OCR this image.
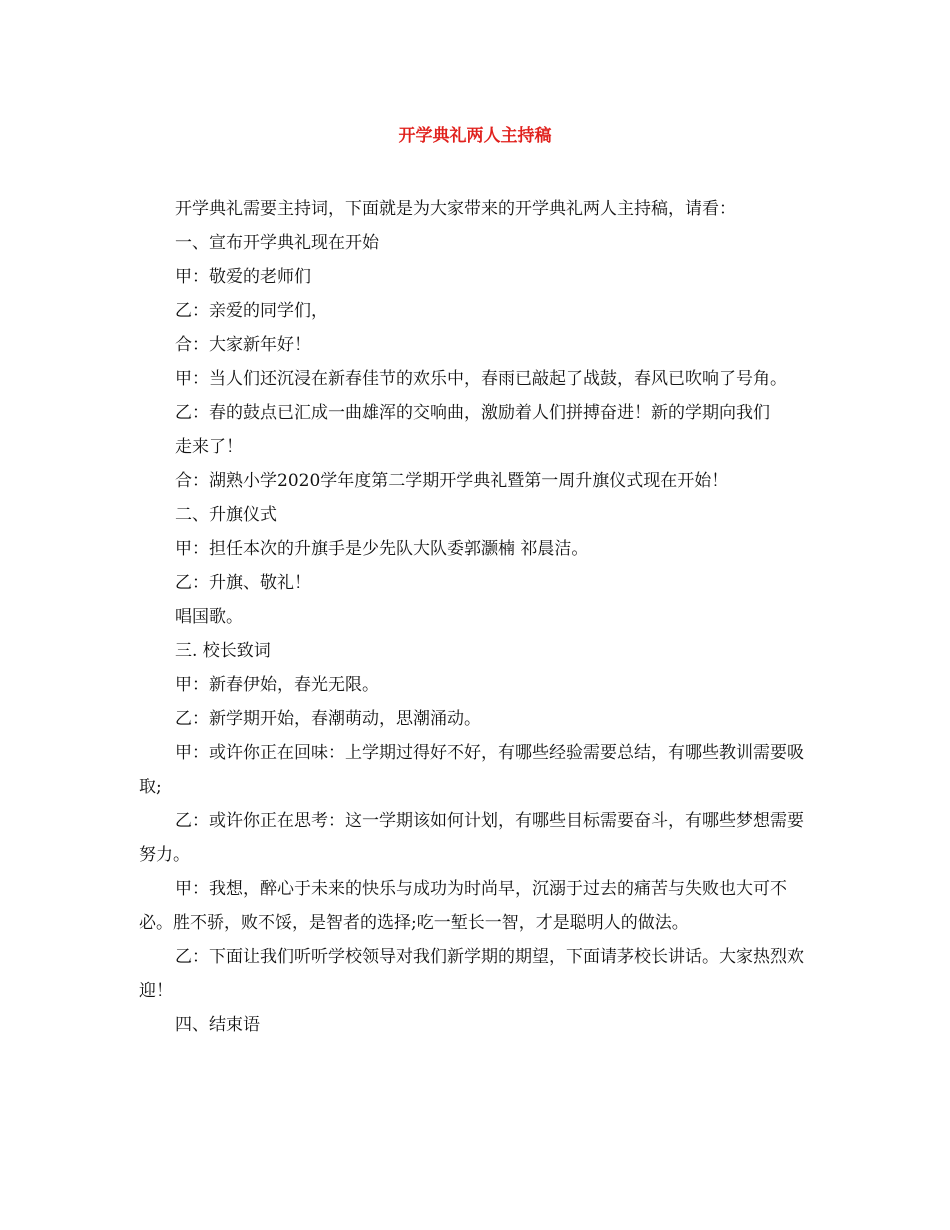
开学典礼两人主持稿

开学典礼需要主持词，下面就是为大家带来的开学典礼两人主持稿，请看：

一、宣布开学典礼现在开始

甲：敬爱的老师们

乙：亲爱的同学们，

合：大家新年好！

甲：当人们还沉浸在新春佳节的欢乐中，春雨已敲起了战鼓，春风已吹响了号角。

乙：春的鼓点已汇成一曲雄浑的交响曲，激励着人们拼搏奋进！新的学期向我们

走来了！

合：湖熟小学2020学年度第二学期开学典礼暨第一周升旗仪式现在开始！

二、升旗仪式

甲：担任本次的升旗手是少先队大队委郭灏楠 祁晨洁。

乙：升旗、敬礼！

唱国歌。

三. 校长致词

甲：新春伊始，春光无限。

乙：新学期开始，春潮萌动，思潮涌动。

甲：或许你正在回味：上学期过得好不好，有哪些经验需要总结，有哪些教训需要吸取;

乙：或许你正在思考：这一学期该如何计划，有哪些目标需要奋斗，有哪些梦想需要努力。

甲：我想，醉心于未来的快乐与成功为时尚早，沉溺于过去的痛苦与失败也大可不必。胜不骄，败不馁，是智者的选择;吃一堑长一智，才是聪明人的做法。

乙：下面让我们听听学校领导对我们新学期的期望，下面请茅校长讲话。大家热烈欢迎！

四、结束语
